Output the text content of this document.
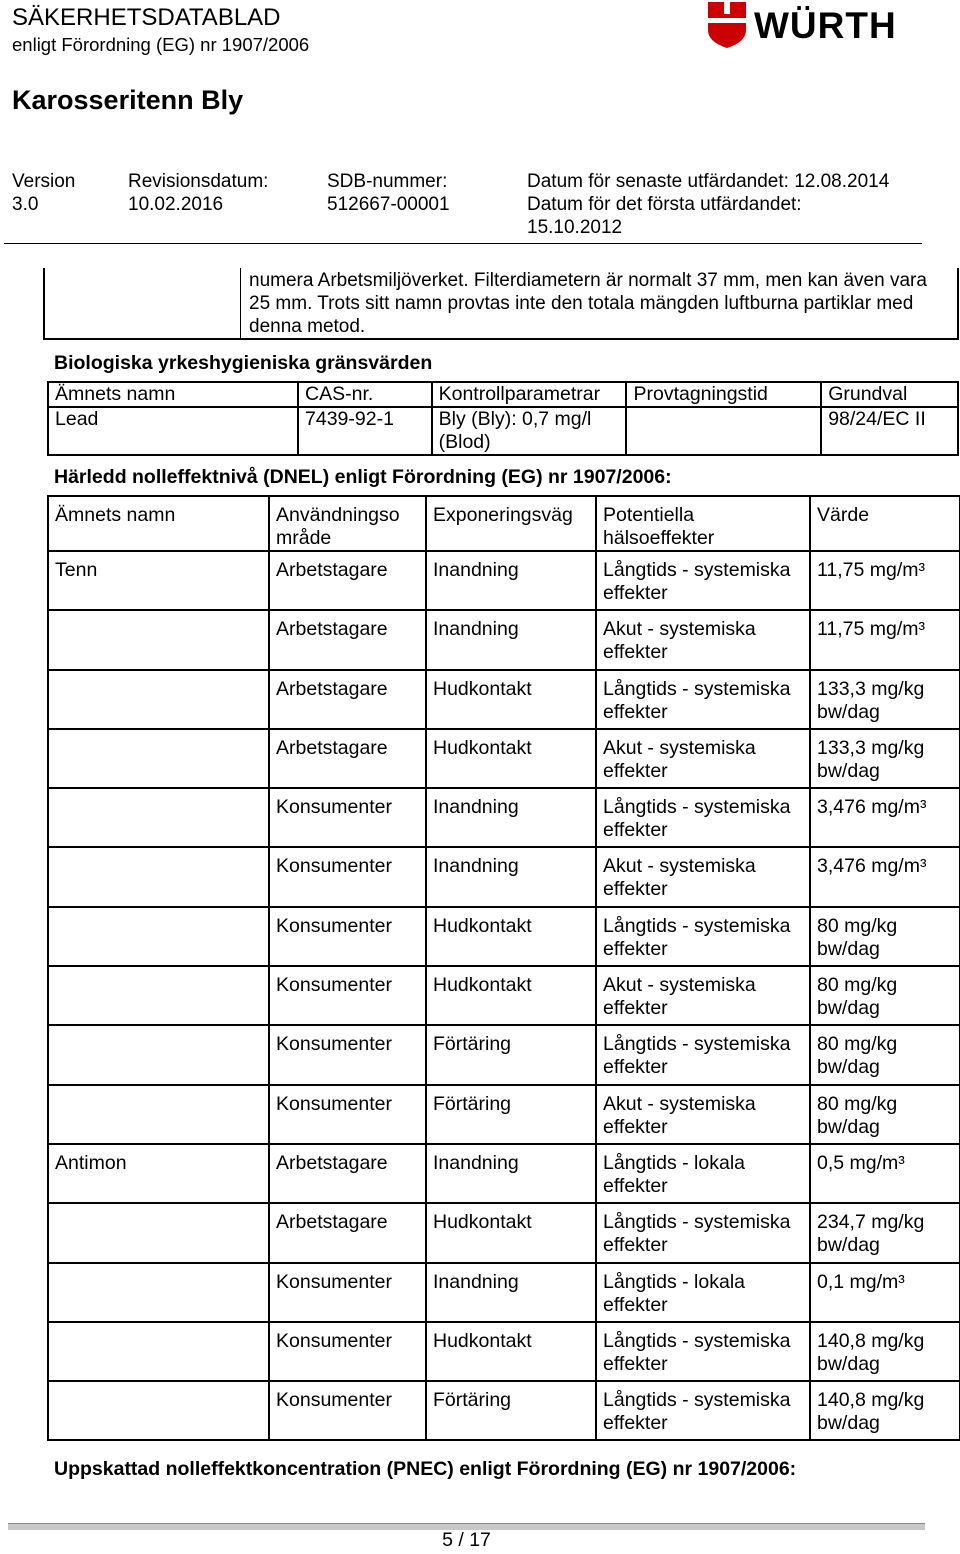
SÄKERHETSDATABLAD
enligt Förordning (EG) nr 1907/2006	WÜRTH
Karosseritenn Bly
Version
3.0
Revisionsdatum:
10.02.2016
SDB-nummer:
512667-00001
Datum för senaste utfärdandet: 12.08.2014
Datum för det första utfärdandet:
15.10.2012
numera Arbetsmiljöverket. Filterdiametern är normalt 37 mm, men kan även vara 25 mm. Trots sitt namn provtas inte den totala mängden luftburna partiklar med denna metod.
Biologiska yrkeshygieniska gränsvärden
Ämnets namn	CAS-nr.	Kontrollparametrar	Provtagningstid	Grundval
Lead	7439-92-1	Bly (Bly): 0,7 mg/l (Blod)		98/24/EC II
Härledd nolleffektnivå (DNEL) enligt Förordning (EG) nr 1907/2006:
Ämnets namn	Användningso mråde	Exponeringsväg	Potentiella hälsoeffekter	Värde
Tenn	Arbetstagare	Inandning	Långtids - systemiska effekter	11,75 mg/m³
	Arbetstagare	Inandning	Akut - systemiska effekter	11,75 mg/m³
	Arbetstagare	Hudkontakt	Långtids - systemiska effekter	133,3 mg/kg bw/dag
	Arbetstagare	Hudkontakt	Akut - systemiska effekter	133,3 mg/kg bw/dag
	Konsumenter	Inandning	Långtids - systemiska effekter	3,476 mg/m³
	Konsumenter	Inandning	Akut - systemiska effekter	3,476 mg/m³
	Konsumenter	Hudkontakt	Långtids - systemiska effekter	80 mg/kg bw/dag
	Konsumenter	Hudkontakt	Akut - systemiska effekter	80 mg/kg bw/dag
	Konsumenter	Förtäring	Långtids - systemiska effekter	80 mg/kg bw/dag
	Konsumenter	Förtäring	Akut - systemiska effekter	80 mg/kg bw/dag
Antimon	Arbetstagare	Inandning	Långtids - lokala effekter	0,5 mg/m³
	Arbetstagare	Hudkontakt	Långtids - systemiska effekter	234,7 mg/kg bw/dag
	Konsumenter	Inandning	Långtids - lokala effekter	0,1 mg/m³
	Konsumenter	Hudkontakt	Långtids - systemiska effekter	140,8 mg/kg bw/dag
	Konsumenter	Förtäring	Långtids - systemiska effekter	140,8 mg/kg bw/dag
Uppskattad nolleffektkoncentration (PNEC) enligt Förordning (EG) nr 1907/2006:
5 / 17
